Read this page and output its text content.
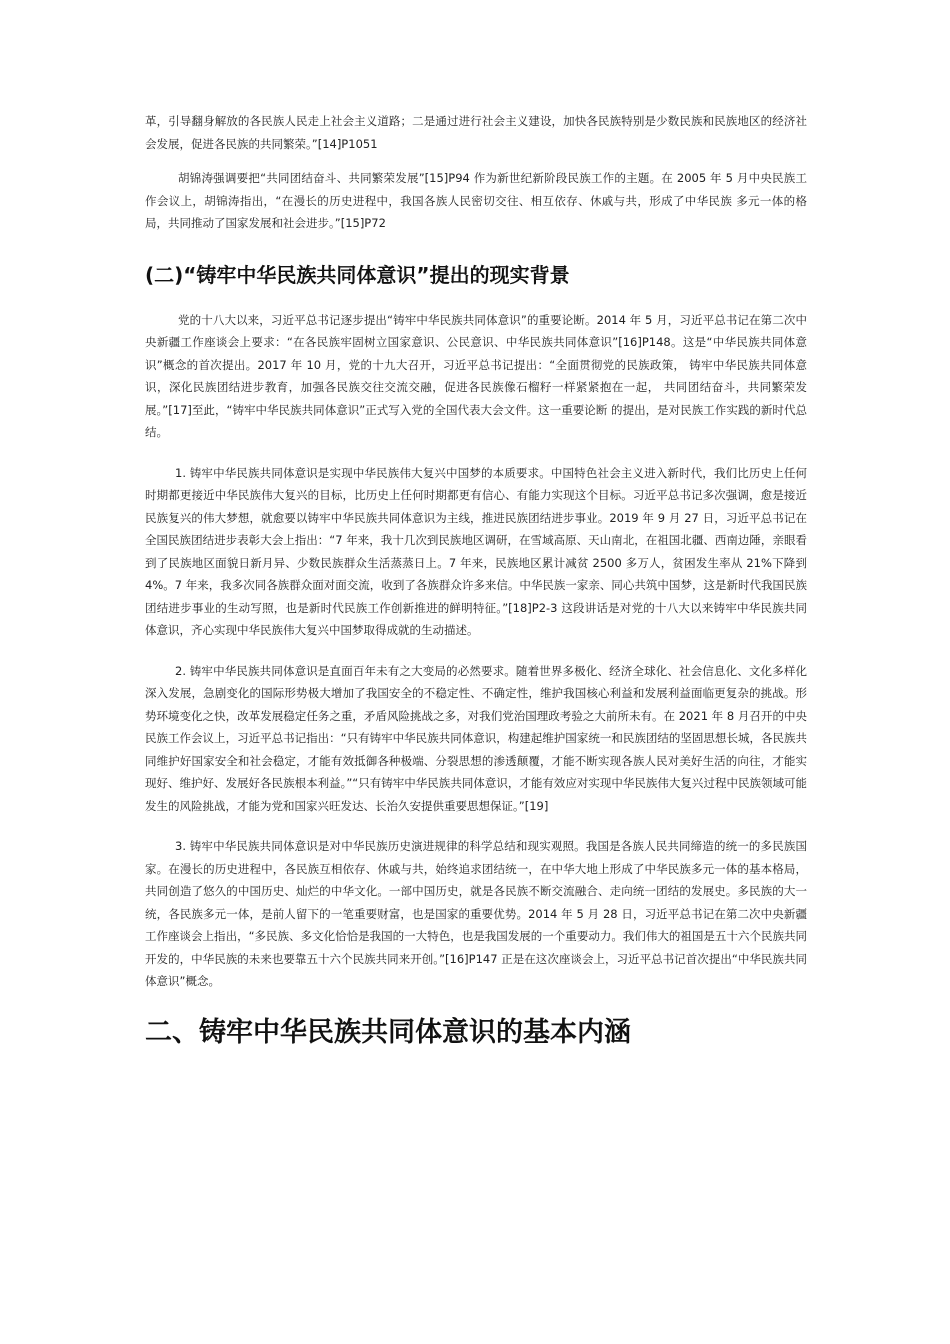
革，引导翻身解放的各民族人民走上社会主义道路；二是通过进行社会主义建设，加快各民族特别是少数民族和民族地区的经济社会发展，促进各民族的共同繁荣。”[14]P1051

胡锦涛强调要把“共同团结奋斗、共同繁荣发展”[15]P94 作为新世纪新阶段民族工作的主题。在 2005 年 5 月中央民族工作会议上，胡锦涛指出，“在漫长的历史进程中，我国各族人民密切交往、相互依存、休戚与共，形成了中华民族 多元一体的格局，共同推动了国家发展和社会进步。”[15]P72

(二)“铸牢中华民族共同体意识”提出的现实背景

党的十八大以来，习近平总书记逐步提出“铸牢中华民族共同体意识”的重要论断。2014 年 5 月，习近平总书记在第二次中央新疆工作座谈会上要求：“在各民族牢固树立国家意识、公民意识、中华民族共同体意识”[16]P148。这是“中华民族共同体意识”概念的首次提出。2017 年 10 月，党的十九大召开，习近平总书记提出：“全面贯彻党的民族政策， 铸牢中华民族共同体意识，深化民族团结进步教育，加强各民族交往交流交融，促进各民族像石榴籽一样紧紧抱在一起， 共同团结奋斗，共同繁荣发展。”[17]至此，“铸牢中华民族共同体意识”正式写入党的全国代表大会文件。这一重要论断 的提出，是对民族工作实践的新时代总结。

1. 铸牢中华民族共同体意识是实现中华民族伟大复兴中国梦的本质要求。中国特色社会主义进入新时代，我们比历史上任何时期都更接近中华民族伟大复兴的目标，比历史上任何时期都更有信心、有能力实现这个目标。习近平总书记多次强调，愈是接近民族复兴的伟大梦想，就愈要以铸牢中华民族共同体意识为主线，推进民族团结进步事业。2019 年 9 月 27 日，习近平总书记在全国民族团结进步表彰大会上指出：“7 年来，我十几次到民族地区调研，在雪域高原、天山南北，在祖国北疆、西南边陲，亲眼看到了民族地区面貌日新月异、少数民族群众生活蒸蒸日上。7 年来，民族地区累计减贫 2500 多万人，贫困发生率从 21%下降到 4%。7 年来，我多次同各族群众面对面交流，收到了各族群众许多来信。中华民族一家亲、同心共筑中国梦，这是新时代我国民族团结进步事业的生动写照，也是新时代民族工作创新推进的鲜明特征。”[18]P2-3 这段讲话是对党的十八大以来铸牢中华民族共同体意识，齐心实现中华民族伟大复兴中国梦取得成就的生动描述。

2. 铸牢中华民族共同体意识是直面百年未有之大变局的必然要求。随着世界多极化、经济全球化、社会信息化、文化多样化深入发展，急剧变化的国际形势极大增加了我国安全的不稳定性、不确定性，维护我国核心利益和发展利益面临更复杂的挑战。形势环境变化之快，改革发展稳定任务之重，矛盾风险挑战之多，对我们党治国理政考验之大前所未有。在 2021 年 8 月召开的中央民族工作会议上，习近平总书记指出：“只有铸牢中华民族共同体意识，构建起维护国家统一和民族团结的坚固思想长城，各民族共同维护好国家安全和社会稳定，才能有效抵御各种极端、分裂思想的渗透颠覆，才能不断实现各族人民对美好生活的向往，才能实现好、维护好、发展好各民族根本利益。”“只有铸牢中华民族共同体意识，才能有效应对实现中华民族伟大复兴过程中民族领域可能发生的风险挑战，才能为党和国家兴旺发达、长治久安提供重要思想保证。”[19]

3. 铸牢中华民族共同体意识是对中华民族历史演进规律的科学总结和现实观照。我国是各族人民共同缔造的统一的多民族国家。在漫长的历史进程中，各民族互相依存、休戚与共，始终追求团结统一，在中华大地上形成了中华民族多元一体的基本格局，共同创造了悠久的中国历史、灿烂的中华文化。一部中国历史，就是各民族不断交流融合、走向统一团结的发展史。多民族的大一统，各民族多元一体，是前人留下的一笔重要财富，也是国家的重要优势。2014 年 5 月 28 日，习近平总书记在第二次中央新疆工作座谈会上指出，“多民族、多文化恰恰是我国的一大特色，也是我国发展的一个重要动力。我们伟大的祖国是五十六个民族共同开发的，中华民族的未来也要靠五十六个民族共同来开创。”[16]P147 正是在这次座谈会上，习近平总书记首次提出“中华民族共同体意识”概念。

二、铸牢中华民族共同体意识的基本内涵
